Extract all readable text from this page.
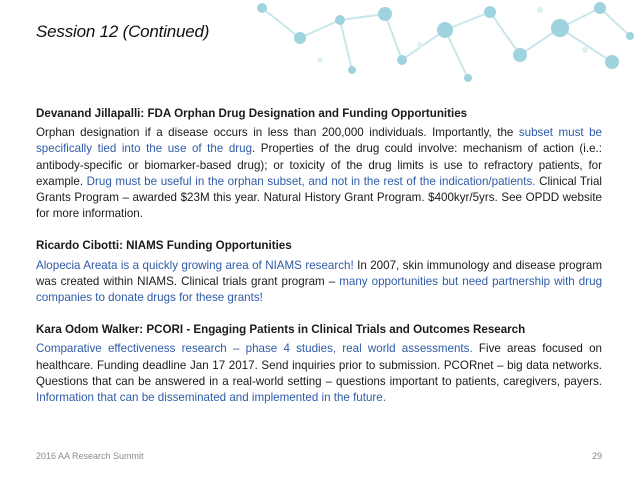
Session 12 (Continued)

Devanand Jillapalli: FDA Orphan Drug Designation and Funding Opportunities

Orphan designation if a disease occurs in less than 200,000 individuals. Importantly, the subset must be specifically tied into the use of the drug. Properties of the drug could involve: mechanism of action (i.e.: antibody-specific or biomarker-based drug); or toxicity of the drug limits is use to refractory patients, for example. Drug must be useful in the orphan subset, and not in the rest of the indication/patients. Clinical Trial Grants Program – awarded $23M this year. Natural History Grant Program. $400kyr/5yrs. See OPDD website for more information.

Ricardo Cibotti: NIAMS Funding Opportunities

Alopecia Areata is a quickly growing area of NIAMS research! In 2007, skin immunology and disease program was created within NIAMS. Clinical trials grant program – many opportunities but need partnership with drug companies to donate drugs for these grants!

Kara Odom Walker: PCORI - Engaging Patients in Clinical Trials and Outcomes Research

Comparative effectiveness research – phase 4 studies, real world assessments. Five areas focused on healthcare. Funding deadline Jan 17 2017. Send inquiries prior to submission. PCORnet – big data networks. Questions that can be answered in a real-world setting – questions important to patients, caregivers, payers. Information that can be disseminated and implemented in the future.

2016 AA Research Summit	29
